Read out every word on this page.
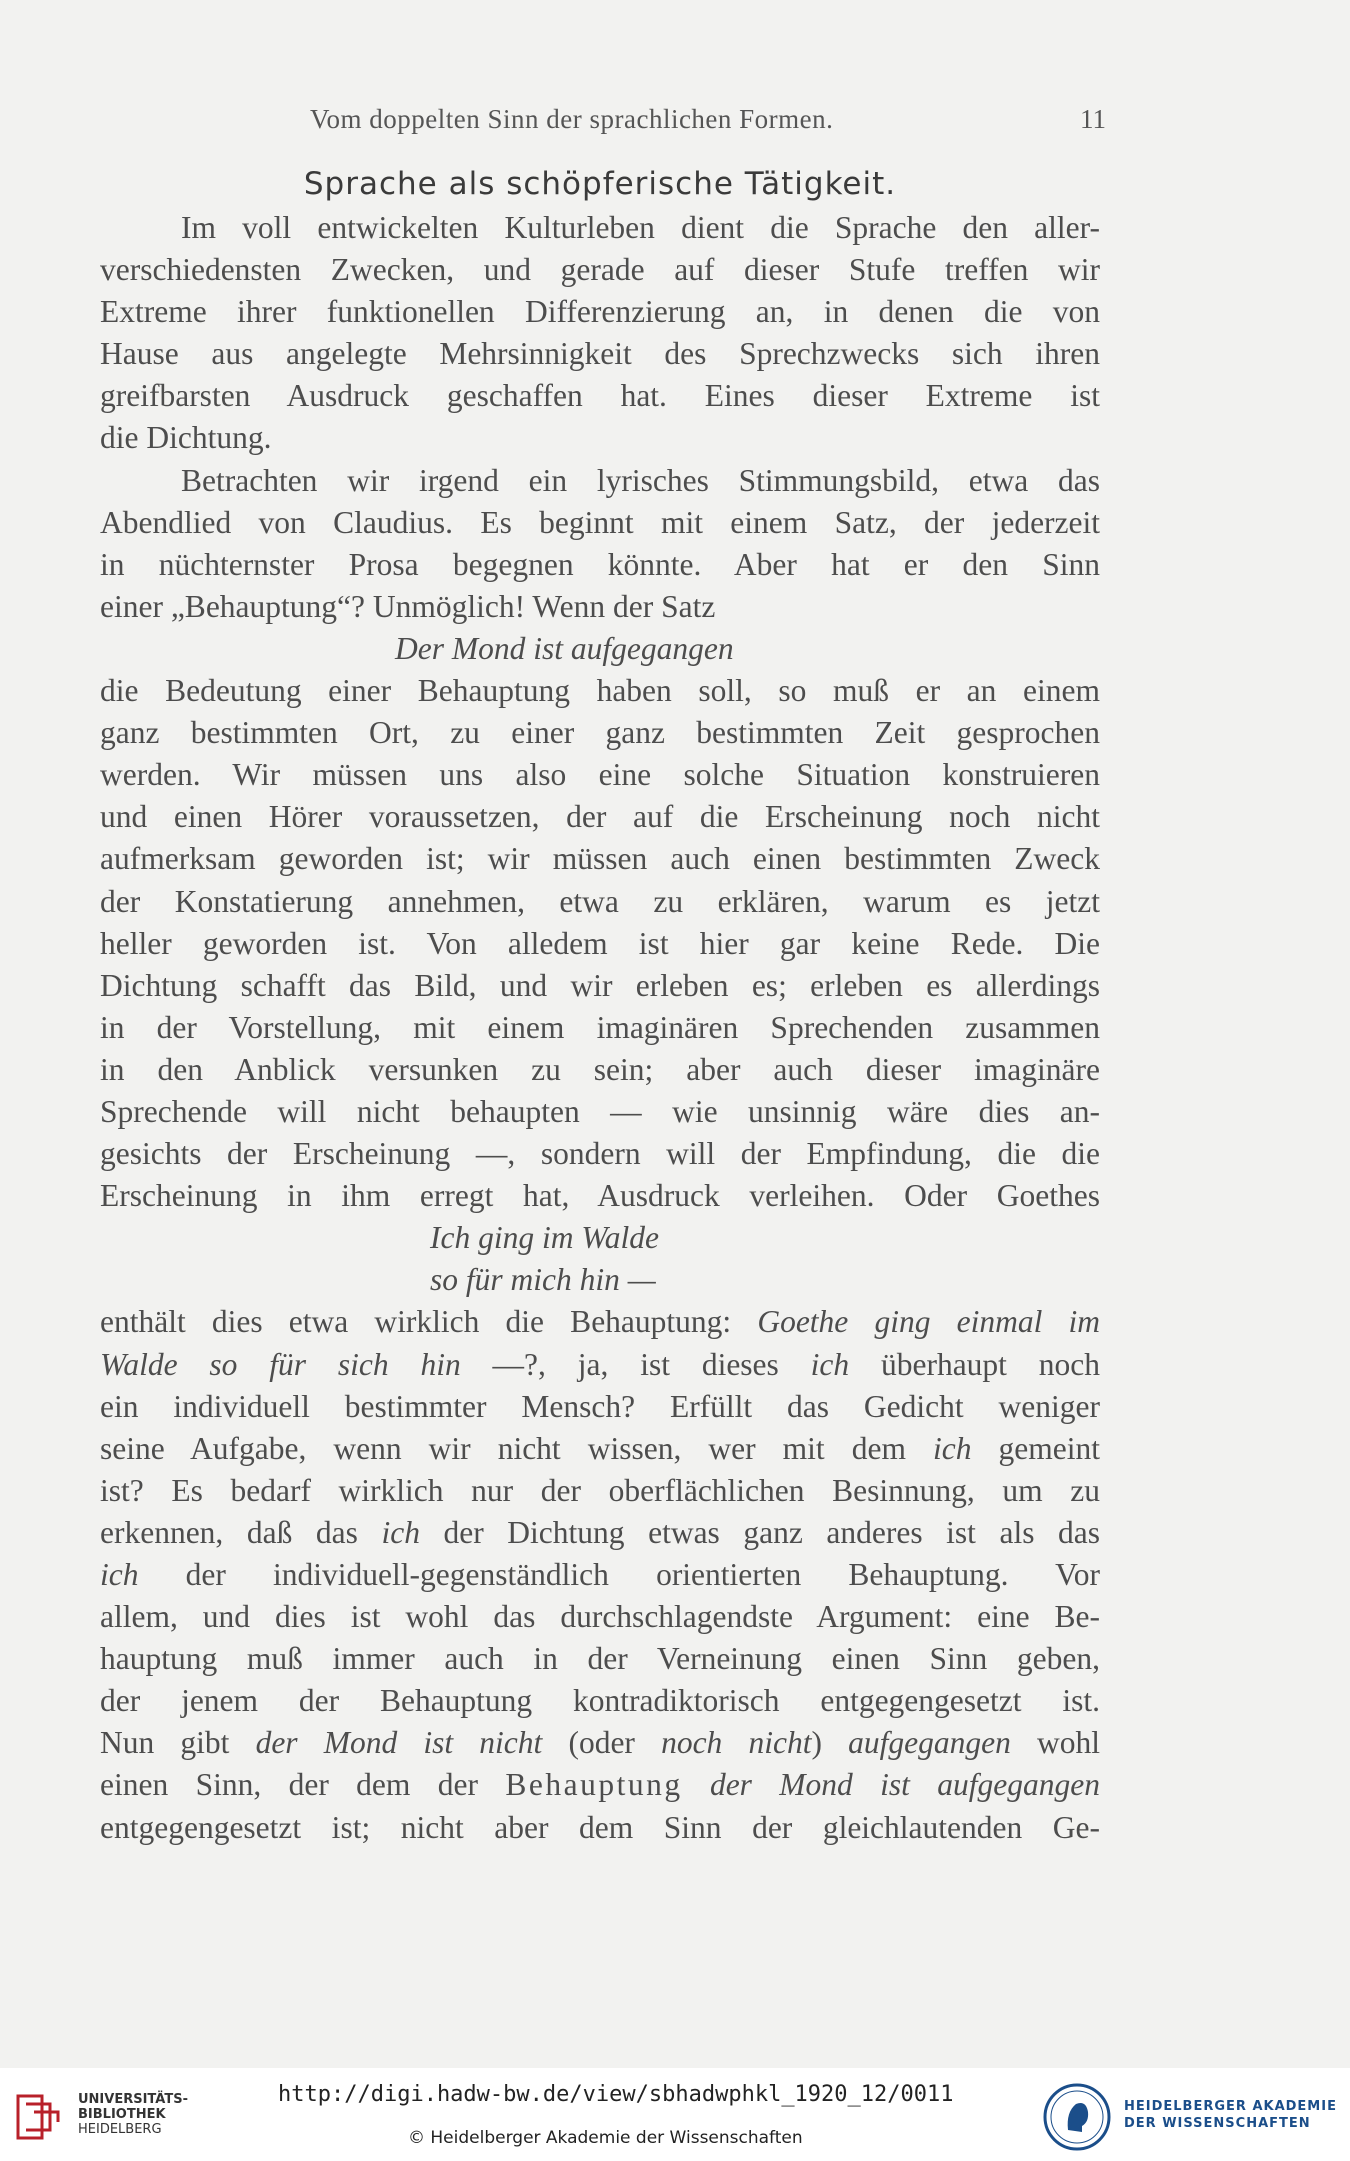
Vom doppelten Sinn der sprachlichen Formen.	11
Sprache als schöpferische Tätigkeit.
Im voll entwickelten Kulturleben dient die Sprache den aller-
verschiedensten Zwecken, und gerade auf dieser Stufe treffen wir
Extreme ihrer funktionellen Differenzierung an, in denen die von
Hause aus angelegte Mehrsinnigkeit des Sprechzwecks sich ihren
greifbarsten Ausdruck geschaffen hat. Eines dieser Extreme ist
die Dichtung.
Betrachten wir irgend ein lyrisches Stimmungsbild, etwa das
Abendlied von Claudius. Es beginnt mit einem Satz, der jederzeit
in nüchternster Prosa begegnen könnte. Aber hat er den Sinn
einer „Behauptung“? Unmöglich! Wenn der Satz
Der Mond ist aufgegangen
die Bedeutung einer Behauptung haben soll, so muß er an einem
ganz bestimmten Ort, zu einer ganz bestimmten Zeit gesprochen
werden. Wir müssen uns also eine solche Situation konstruieren
und einen Hörer voraussetzen, der auf die Erscheinung noch nicht
aufmerksam geworden ist; wir müssen auch einen bestimmten Zweck
der Konstatierung annehmen, etwa zu erklären, warum es jetzt
heller geworden ist. Von alledem ist hier gar keine Rede. Die
Dichtung schafft das Bild, und wir erleben es; erleben es allerdings
in der Vorstellung, mit einem imaginären Sprechenden zusammen
in den Anblick versunken zu sein; aber auch dieser imaginäre
Sprechende will nicht behaupten — wie unsinnig wäre dies an-
gesichts der Erscheinung —, sondern will der Empfindung, die die
Erscheinung in ihm erregt hat, Ausdruck verleihen. Oder Goethes
Ich ging im Walde
so für mich hin —
enthält dies etwa wirklich die Behauptung: Goethe ging einmal im
Walde so für sich hin —?, ja, ist dieses ich überhaupt noch
ein individuell bestimmter Mensch? Erfüllt das Gedicht weniger
seine Aufgabe, wenn wir nicht wissen, wer mit dem ich gemeint
ist? Es bedarf wirklich nur der oberflächlichen Besinnung, um zu
erkennen, daß das ich der Dichtung etwas ganz anderes ist als das
ich der individuell-gegenständlich orientierten Behauptung. Vor
allem, und dies ist wohl das durchschlagendste Argument: eine Be-
hauptung muß immer auch in der Verneinung einen Sinn geben,
der jenem der Behauptung kontradiktorisch entgegengesetzt ist.
Nun gibt der Mond ist nicht (oder noch nicht) aufgegangen wohl
einen Sinn, der dem der Behauptung der Mond ist aufgegangen
entgegengesetzt ist; nicht aber dem Sinn der gleichlautenden Ge-
UNIVERSITÄTS-
BIBLIOTHEK
HEIDELBERG
http://digi.hadw-bw.de/view/sbhadwphkl_1920_12/0011
© Heidelberger Akademie der Wissenschaften
HEIDELBERGER AKADEMIE
DER WISSENSCHAFTEN
